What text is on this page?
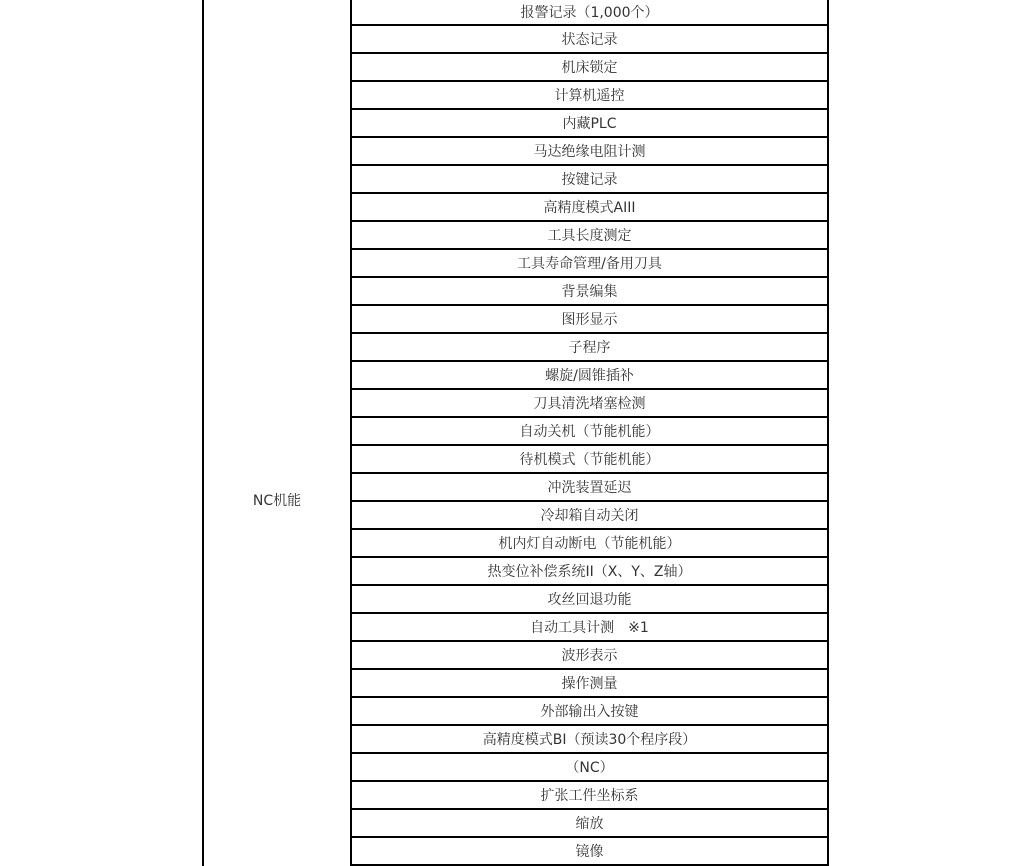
NC机能
报警记录（1,000个）
状态记录
机床锁定
计算机遥控
内藏PLC
马达绝缘电阻计测
按键记录
高精度模式AIII
工具长度测定
工具寿命管理/备用刀具
背景编集
图形显示
子程序
螺旋/圆锥插补
刀具清洗堵塞检测
自动关机（节能机能）
待机模式（节能机能）
冲洗装置延迟
冷却箱自动关闭
机内灯自动断电（节能机能）
热变位补偿系统II（X、Y、Z轴）
攻丝回退功能
自动工具计测　※1
波形表示
操作测量
外部输出入按键
高精度模式BⅠ（预读30个程序段）
（NC）
扩张工件坐标系
缩放
镜像
